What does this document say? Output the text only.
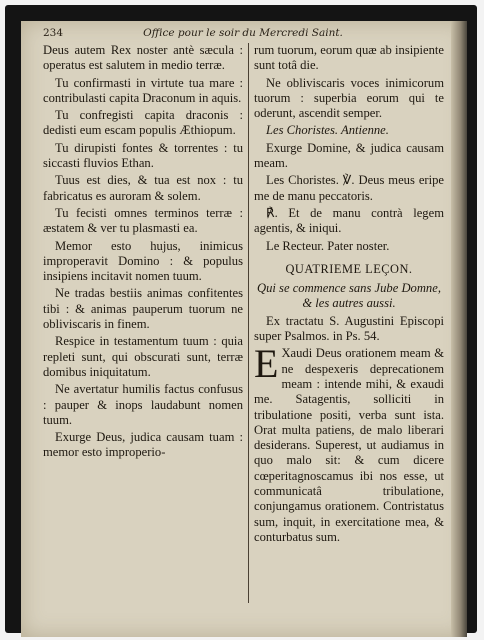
234	Office pour le soir du Mercredi Saint.

Deus autem Rex noster antè sæcula : operatus est salutem in medio terræ.

Tu confirmasti in virtute tua mare : contribulasti capita Draconum in aquis.

Tu confregisti capita draconis : dedisti eum escam populis Æthiopum.

Tu dirupisti fontes & torrentes : tu siccasti fluvios Ethan.

Tuus est dies, & tua est nox : tu fabricatus es auroram & solem.

Tu fecisti omnes terminos terræ : æstatem & ver tu plasmasti ea.

Memor esto hujus, inimicus improperavit Domino : & populus insipiens incitavit nomen tuum.

Ne tradas bestiis animas confitentes tibi : & animas pauperum tuorum ne obliviscaris in finem.

Respice in testamentum tuum : quia repleti sunt, qui obscurati sunt, terræ domibus iniquitatum.

Ne avertatur humilis factus confusus : pauper & inops laudabunt nomen tuum.

Exurge Deus, judica causam tuam : memor esto improperio-

rum tuorum, eorum quæ ab insipiente sunt totâ die.

Ne obliviscaris voces inimicorum tuorum : superbia eorum qui te oderunt, ascendit semper.

Les Choristes. Antienne.

Exurge Domine, & judica causam meam.

Les Choristes. ℣. Deus meus eripe me de manu peccatoris.

℟. Et de manu contrà legem agentis, & iniqui.

Le Recteur. Pater noster.

QUATRIEME LEÇON.

Qui se commence sans Jube Domne, & les autres aussi.

Ex tractatu S. Augustini Episcopi super Psalmos. in Ps. 54.

E Xaudi Deus orationem meam & ne despexeris deprecationem meam : intende mihi, & exaudi me. Satagentis, solliciti in tribulatione positi, verba sunt ista. Orat multa patiens, de malo liberari desiderans. Superest, ut audiamus in quo malo sit: & cum dicere cœperitagnoscamus ibi nos esse, ut communicatâ tribulatione, conjungamus orationem. Contristatus sum, inquit, in exercitatione mea, & conturbatus sum.
